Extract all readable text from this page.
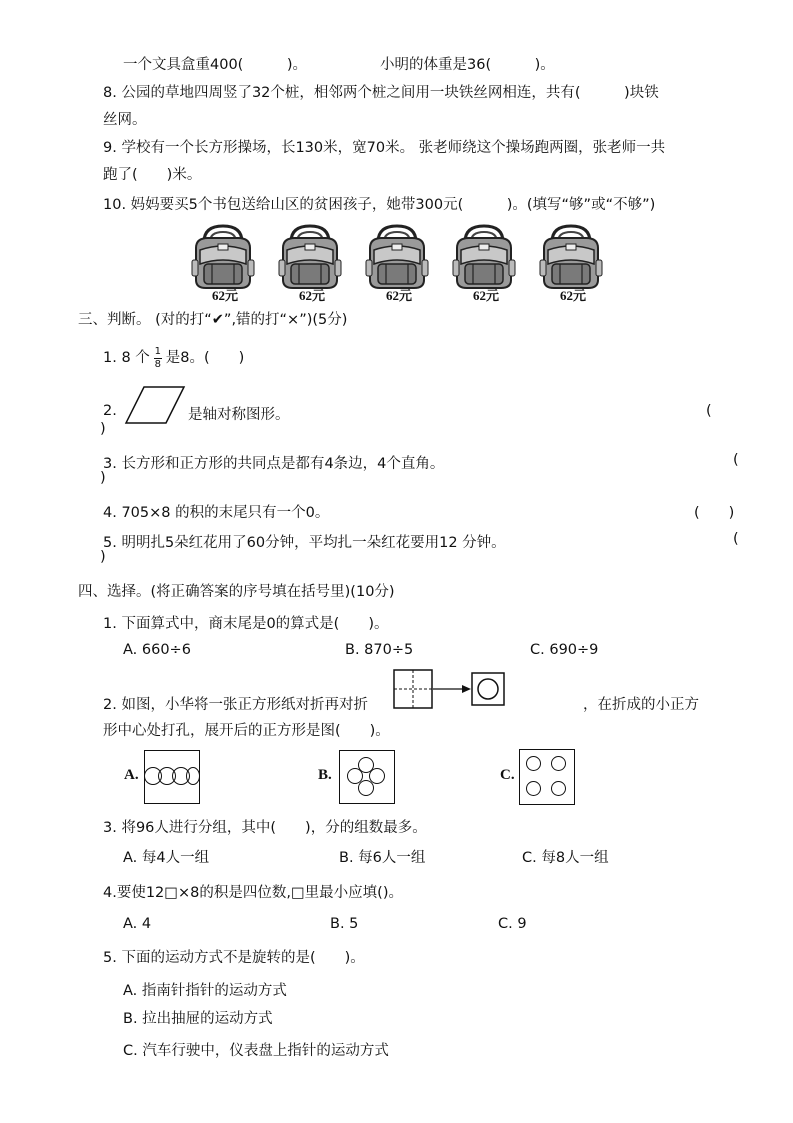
一个文具盒重400(　　　)。	小明的体重是36(　　　)。
8. 公园的草地四周竖了32个桩，相邻两个桩之间用一块铁丝网相连，共有(　　　)块铁
丝网。
9. 学校有一个长方形操场，长130米，宽70米。 张老师绕这个操场跑两圈，张老师一共
跑了(　　)米。
10. 妈妈要买5个书包送给山区的贫困孩子，她带300元(　　　)。(填写“够”或“不够”)
62元	62元	62元	62元	62元
三、判断。 (对的打“✔”,错的打“×”)(5分)
1. 8 个 $\frac{1}{8}$ 是8。(　　)
2.	是轴对称图形。	(
)
3. 长方形和正方形的共同点是都有4条边，4个直角。	(
)
4. 705×8 的积的末尾只有一个0。	(　　)
5. 明明扎5朵红花用了60分钟，平均扎一朵红花要用12 分钟。	(
)
四、选择。(将正确答案的序号填在括号里)(10分)
1. 下面算式中，商末尾是0的算式是(　　)。
A. 660÷6	B. 870÷5	C. 690÷9
2. 如图，小华将一张正方形纸对折再对折	，在折成的小正方
形中心处打孔，展开后的正方形是图(　　)。
A.	B.	C.
3. 将96人进行分组，其中(　　)，分的组数最多。
A. 每4人一组	B. 每6人一组	C. 每8人一组
4.要使12□×8的积是四位数,□里最小应填()。
A. 4	B. 5	C. 9
5. 下面的运动方式不是旋转的是(　　)。
A. 指南针指针的运动方式
B. 拉出抽屉的运动方式
C. 汽车行驶中，仪表盘上指针的运动方式
